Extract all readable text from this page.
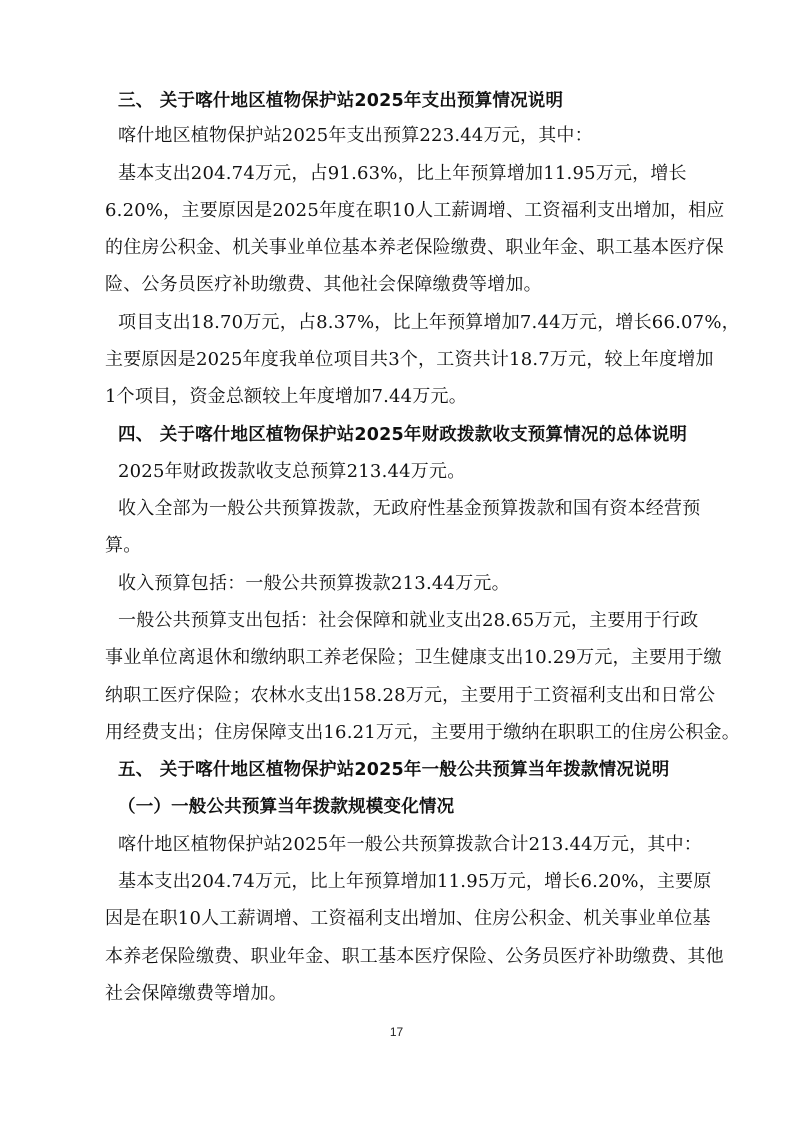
三、 关于喀什地区植物保护站2025年支出预算情况说明
喀什地区植物保护站2025年支出预算223.44万元，其中：
基本支出204.74万元，占91.63%，比上年预算增加11.95万元，增长
6.20%，主要原因是2025年度在职10人工薪调增、工资福利支出增加，相应
的住房公积金、机关事业单位基本养老保险缴费、职业年金、职工基本医疗保
险、公务员医疗补助缴费、其他社会保障缴费等增加。
项目支出18.70万元，占8.37%，比上年预算增加7.44万元，增长66.07%，
主要原因是2025年度我单位项目共3个，工资共计18.7万元，较上年度增加
1个项目，资金总额较上年度增加7.44万元。
四、 关于喀什地区植物保护站2025年财政拨款收支预算情况的总体说明
2025年财政拨款收支总预算213.44万元。
收入全部为一般公共预算拨款，无政府性基金预算拨款和国有资本经营预
算。
收入预算包括：一般公共预算拨款213.44万元。
一般公共预算支出包括：社会保障和就业支出28.65万元，主要用于行政
事业单位离退休和缴纳职工养老保险；卫生健康支出10.29万元，主要用于缴
纳职工医疗保险；农林水支出158.28万元，主要用于工资福利支出和日常公
用经费支出；住房保障支出16.21万元，主要用于缴纳在职职工的住房公积金。
五、 关于喀什地区植物保护站2025年一般公共预算当年拨款情况说明
（一）一般公共预算当年拨款规模变化情况
喀什地区植物保护站2025年一般公共预算拨款合计213.44万元，其中：
基本支出204.74万元，比上年预算增加11.95万元，增长6.20%，主要原
因是在职10人工薪调增、工资福利支出增加、住房公积金、机关事业单位基
本养老保险缴费、职业年金、职工基本医疗保险、公务员医疗补助缴费、其他
社会保障缴费等增加。
17
